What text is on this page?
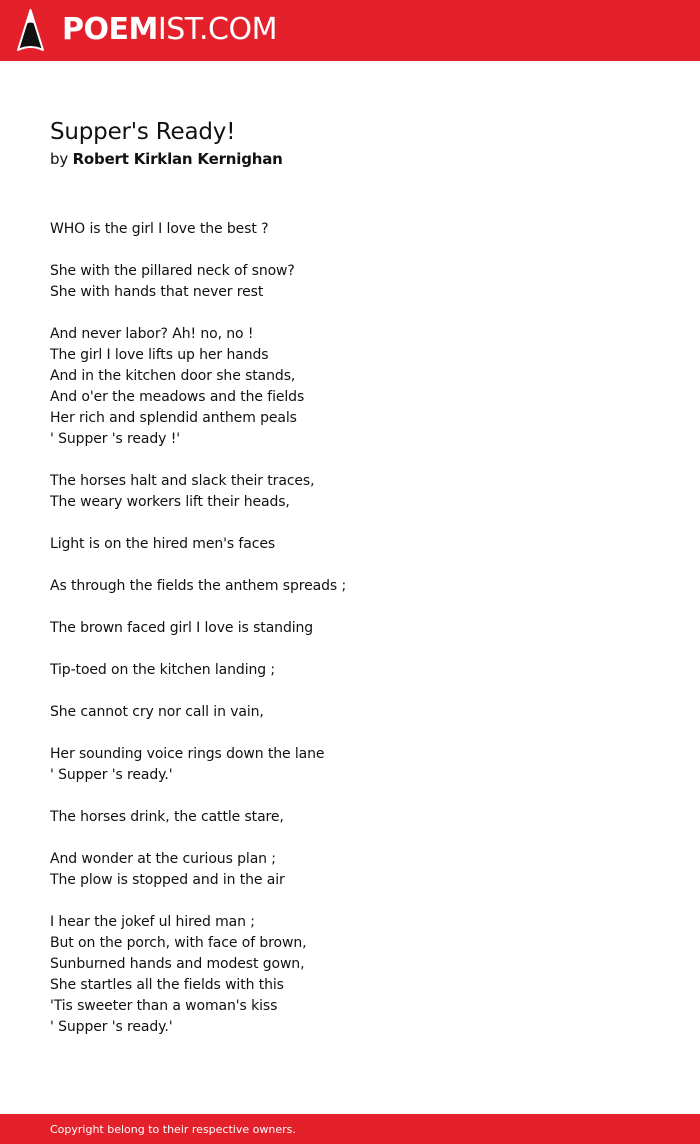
POEMIST.COM
Supper's Ready!
by Robert Kirklan Kernighan
WHO is the girl I love the best ?
She with the pillared neck of snow?
She with hands that never rest
And never labor? Ah! no, no !
The girl I love lifts up her hands
And in the kitchen door she stands,
And o'er the meadows and the fields
Her rich and splendid anthem peals
' Supper 's ready !'
The horses halt and slack their traces,
The weary workers lift their heads,
Light is on the hired men's faces
As through the fields the anthem spreads ;
The brown faced girl I love is standing
Tip-toed on the kitchen landing ;
She cannot cry nor call in vain,
Her sounding voice rings down the lane
' Supper 's ready.'
The horses drink, the cattle stare,
And wonder at the curious plan ;
The plow is stopped and in the air
I hear the jokef ul hired man ;
But on the porch, with face of brown,
Sunburned hands and modest gown,
She startles all the fields with this
'Tis sweeter than a woman's kiss
' Supper 's ready.'
Copyright belong to their respective owners.
